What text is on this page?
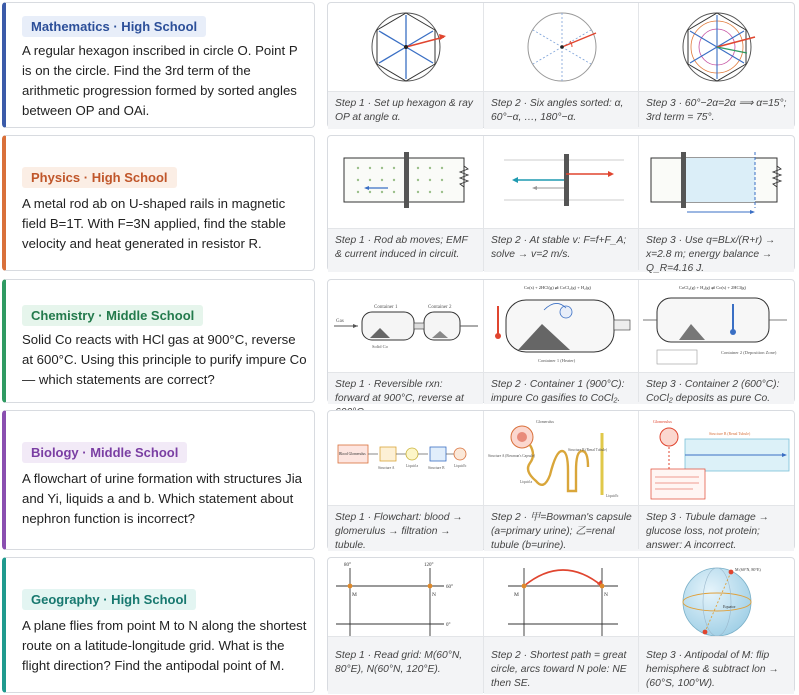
Mathematics · High School
A regular hexagon inscribed in circle O. Point P is on the circle. Find the 3rd term of the arithmetic progression formed by sorted angles between OP and OAi.	Step 1 · Set up hexagon & ray OP at angle α.
Step 2 · Six angles sorted: α, 60°−α, …, 180°−α.
Step 3 · 60°−2α=2α ⟹ α=15°; 3rd term = 75°.
Physics · High School
A metal rod ab on U-shaped rails in magnetic field B=1T. With F=3N applied, find the stable velocity and heat generated in resistor R.	Step 1 · Rod ab moves; EMF & current induced in circuit.
Step 2 · At stable v: F=f+F_A; solve → v=2 m/s.
Step 3 · Use q=BLx/(R+r) → x=2.8 m; energy balance → Q_R=4.16 J.
Chemistry · Middle School
Solid Co reacts with HCl gas at 900°C, reverse at 600°C. Using this principle to purify impure Co — which statements are correct?
Container 1	Container 2
Gas
Solid Co
Step 1 · Reversible rxn: forward at 900°C, reverse at
Co(s) + 2HCl(g) ⇌ CoCl₂(g) + H₂(g)
Container 1 (Heater)
Step 2 · Container 1 (900°C): impure Co gasifies to CoCl₂.
CoCl₂(g) + H₂(g) ⇌ Co(s) + 2HCl(g)
Container 2 (Deposition Zone)
Step 3 · Container 2 (600°C): CoCl₂ deposits as pure Co.
Biology · Middle School
A flowchart of urine formation with structures Jia and Yi, liquids a and b. Which statement about nephron function is incorrect?
Blood Glomerulus
Structure A	Structure B
Liquid a	Liquid b
Step 1 · Flowchart: blood → glomerulus → filtration → tubule.
Glomerulus
Structure A (Bowman's Capsule)
Structure B (Renal Tubule)
Liquid a
Liquid b
Step 2 · 甲=Bowman's capsule (a=primary urine); 乙=renal tubule (b=urine).
Glomerulus
Structure B (Renal Tubule)
Step 3 · Tubule damage → glucose loss, not protein; answer: A incorrect.
Geography · High School
A plane flies from point M to N along the shortest route on a latitude-longitude grid. What is the flight direction? Find the antipodal point of M.
80°	120°
60°
0°
M	N
Step 1 · Read grid: M(60°N, 80°E), N(60°N, 120°E).
M	N
Step 2 · Shortest path = great circle, arcs toward N pole: NE then SE.
M (60°N, 80°E)
Equator
Step 3 · Antipodal of M: flip hemisphere & subtract lon → (60°S, 100°W).
